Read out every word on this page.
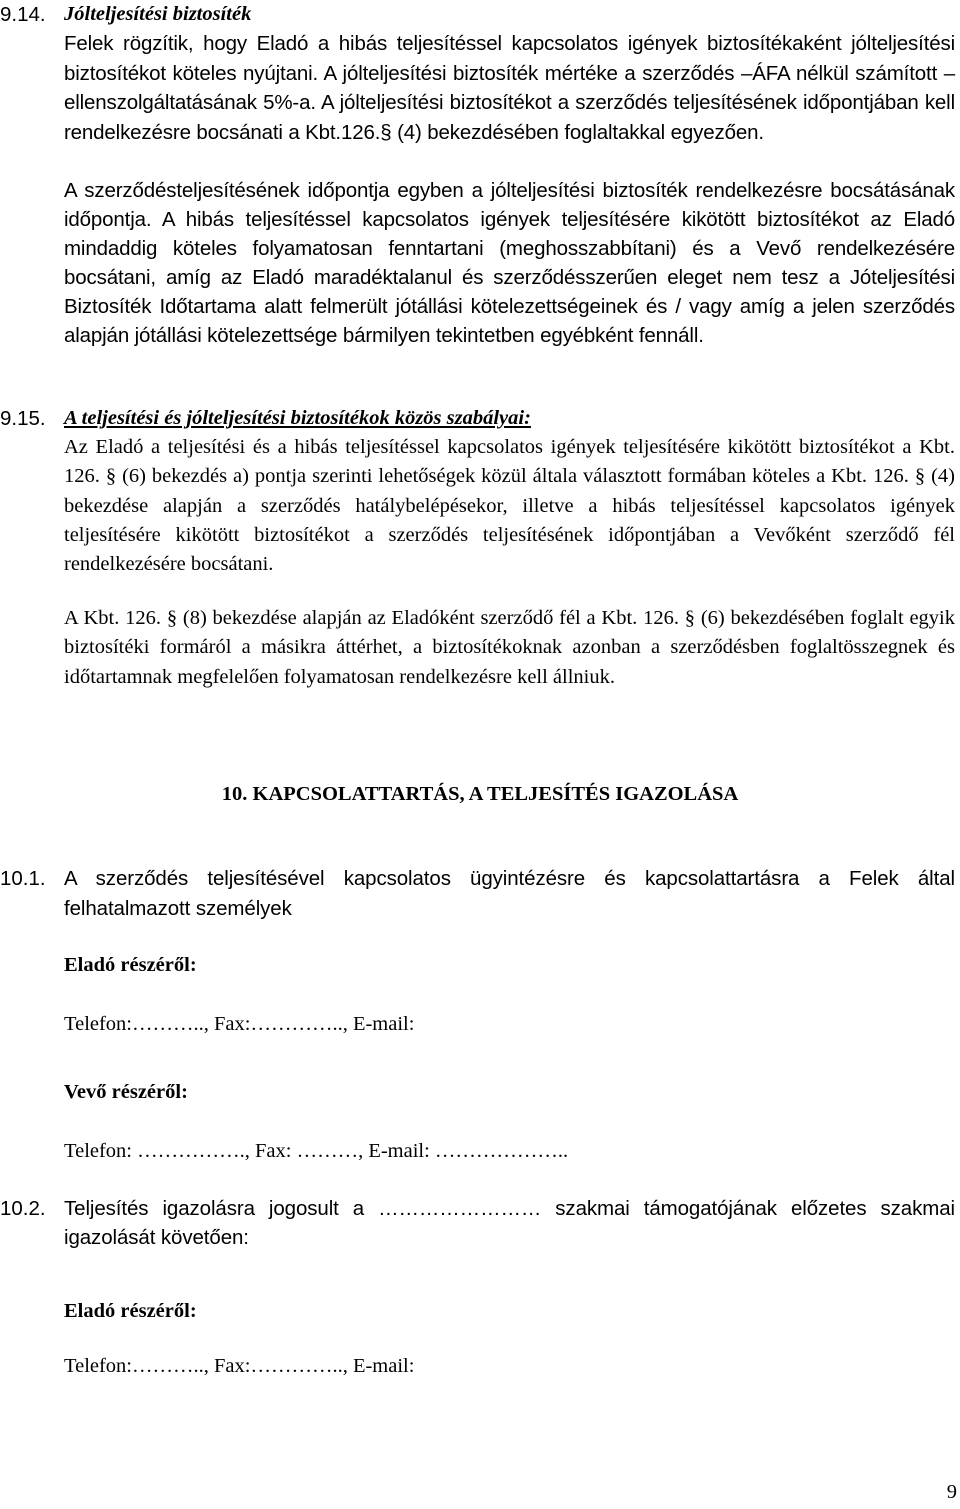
9.14. Jólteljesítési biztosíték
Felek rögzítik, hogy Eladó a hibás teljesítéssel kapcsolatos igények biztosítékaként jólteljesítési biztosítékot köteles nyújtani. A jólteljesítési biztosíték mértéke a szerződés –ÁFA nélkül számított – ellenszolgáltatásának 5%-a. A jólteljesítési biztosítékot a szerződés teljesítésének időpontjában kell rendelkezésre bocsánati a Kbt.126.§ (4) bekezdésében foglaltakkal egyezően.
A szerződésteljesítésének időpontja egyben a jólteljesítési biztosíték rendelkezésre bocsátásának időpontja. A hibás teljesítéssel kapcsolatos igények teljesítésére kikötött biztosítékot az Eladó mindaddig köteles folyamatosan fenntartani (meghosszabbítani) és a Vevő rendelkezésére bocsátani, amíg az Eladó maradéktalanul és szerződésszerűen eleget nem tesz a Jóteljesítési Biztosíték Időtartama alatt felmerült jótállási kötelezettségeinek és / vagy amíg a jelen szerződés alapján jótállási kötelezettsége bármilyen tekintetben egyébként fennáll.
9.15. A teljesítési és jólteljesítési biztosítékok közös szabályai:
Az Eladó a teljesítési és a hibás teljesítéssel kapcsolatos igények teljesítésére kikötött biztosítékot a Kbt. 126. § (6) bekezdés a) pontja szerinti lehetőségek közül általa választott formában köteles a Kbt. 126. § (4) bekezdése alapján a szerződés hatálybelépésekor, illetve a hibás teljesítéssel kapcsolatos igények teljesítésére kikötött biztosítékot a szerződés teljesítésének időpontjában a Vevőként szerződő fél rendelkezésére bocsátani.
A Kbt. 126. § (8) bekezdése alapján az Eladóként szerződő fél a Kbt. 126. § (6) bekezdésében foglalt egyik biztosítéki formáról a másikra áttérhet, a biztosítékoknak azonban a szerződésben foglaltösszegnek és időtartamnak megfelelően folyamatosan rendelkezésre kell állniuk.
10. KAPCSOLATTARTÁS, A TELJESÍTÉS IGAZOLÁSA
10.1. A szerződés teljesítésével kapcsolatos ügyintézésre és kapcsolattartásra a Felek által felhatalmazott személyek
Eladó részéről:
Telefon:……….., Fax:………….., E-mail:
Vevő részéről:
Telefon: ……………., Fax: ………, E-mail: ………………..
10.2. Teljesítés igazolásra jogosult a …………………… szakmai támogatójának előzetes szakmai igazolását követően:
Eladó részéről:
Telefon:……….., Fax:………….., E-mail:
9
